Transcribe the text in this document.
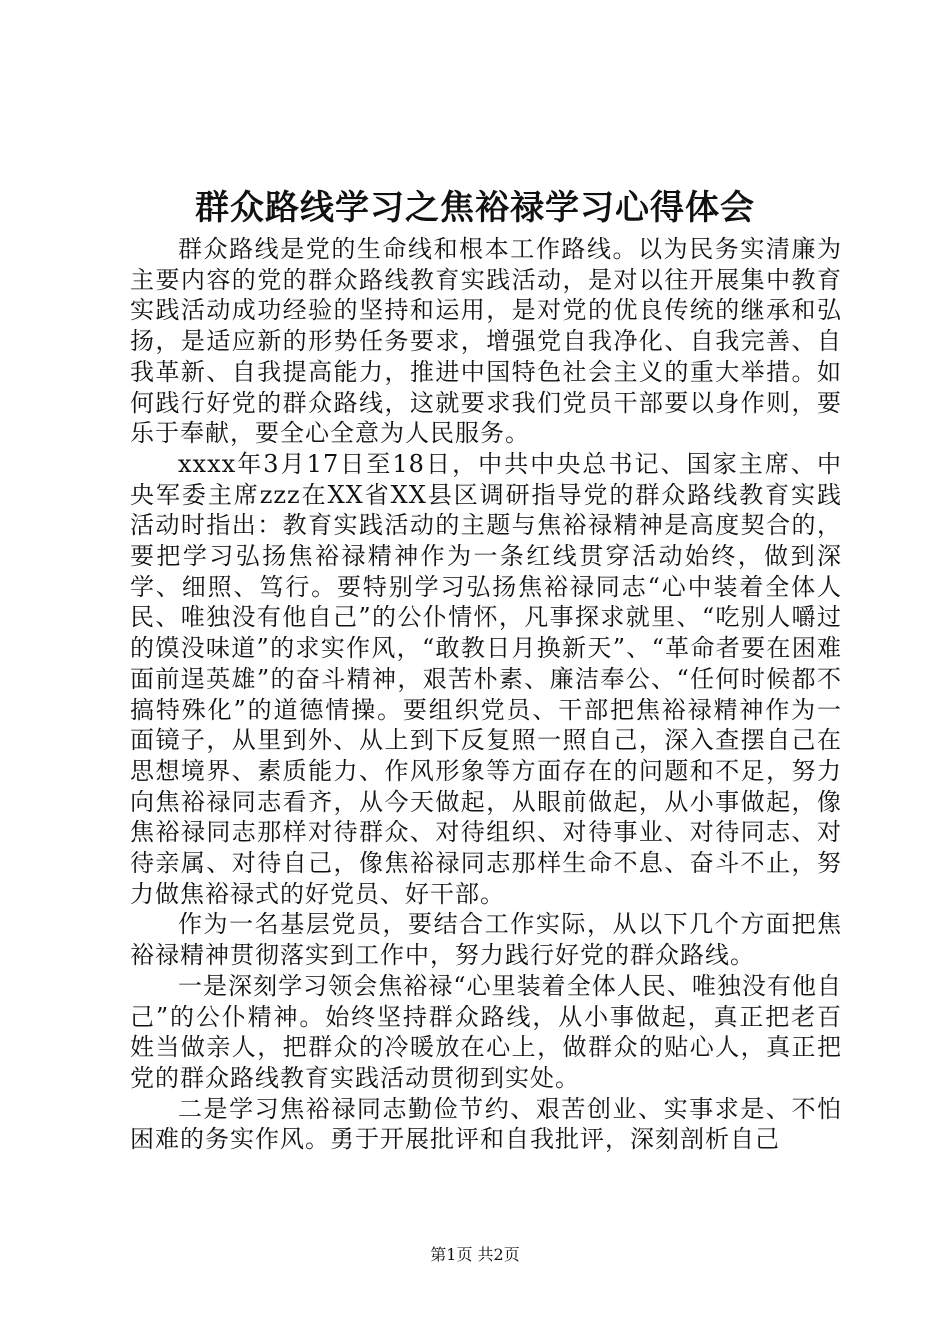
群众路线学习之焦裕禄学习心得体会

群众路线是党的生命线和根本工作路线。以为民务实清廉为主要内容的党的群众路线教育实践活动，是对以往开展集中教育实践活动成功经验的坚持和运用，是对党的优良传统的继承和弘扬，是适应新的形势任务要求，增强党自我净化、自我完善、自我革新、自我提高能力，推进中国特色社会主义的重大举措。如何践行好党的群众路线，这就要求我们党员干部要以身作则，要乐于奉献，要全心全意为人民服务。

xxxx年3月17日至18日，中共中央总书记、国家主席、中央军委主席zzz在XX省XX县区调研指导党的群众路线教育实践活动时指出：教育实践活动的主题与焦裕禄精神是高度契合的，要把学习弘扬焦裕禄精神作为一条红线贯穿活动始终，做到深学、细照、笃行。要特别学习弘扬焦裕禄同志“心中装着全体人民、唯独没有他自己”的公仆情怀，凡事探求就里、“吃别人嚼过的馍没味道”的求实作风，“敢教日月换新天”、“革命者要在困难面前逞英雄”的奋斗精神，艰苦朴素、廉洁奉公、“任何时候都不搞特殊化”的道德情操。要组织党员、干部把焦裕禄精神作为一面镜子，从里到外、从上到下反复照一照自己，深入查摆自己在思想境界、素质能力、作风形象等方面存在的问题和不足，努力向焦裕禄同志看齐，从今天做起，从眼前做起，从小事做起，像焦裕禄同志那样对待群众、对待组织、对待事业、对待同志、对待亲属、对待自己，像焦裕禄同志那样生命不息、奋斗不止，努力做焦裕禄式的好党员、好干部。

作为一名基层党员，要结合工作实际，从以下几个方面把焦裕禄精神贯彻落实到工作中，努力践行好党的群众路线。

一是深刻学习领会焦裕禄“心里装着全体人民、唯独没有他自己”的公仆精神。始终坚持群众路线，从小事做起，真正把老百姓当做亲人，把群众的冷暖放在心上，做群众的贴心人，真正把党的群众路线教育实践活动贯彻到实处。

二是学习焦裕禄同志勤俭节约、艰苦创业、实事求是、不怕困难的务实作风。勇于开展批评和自我批评，深刻剖析自己

第1页 共2页
